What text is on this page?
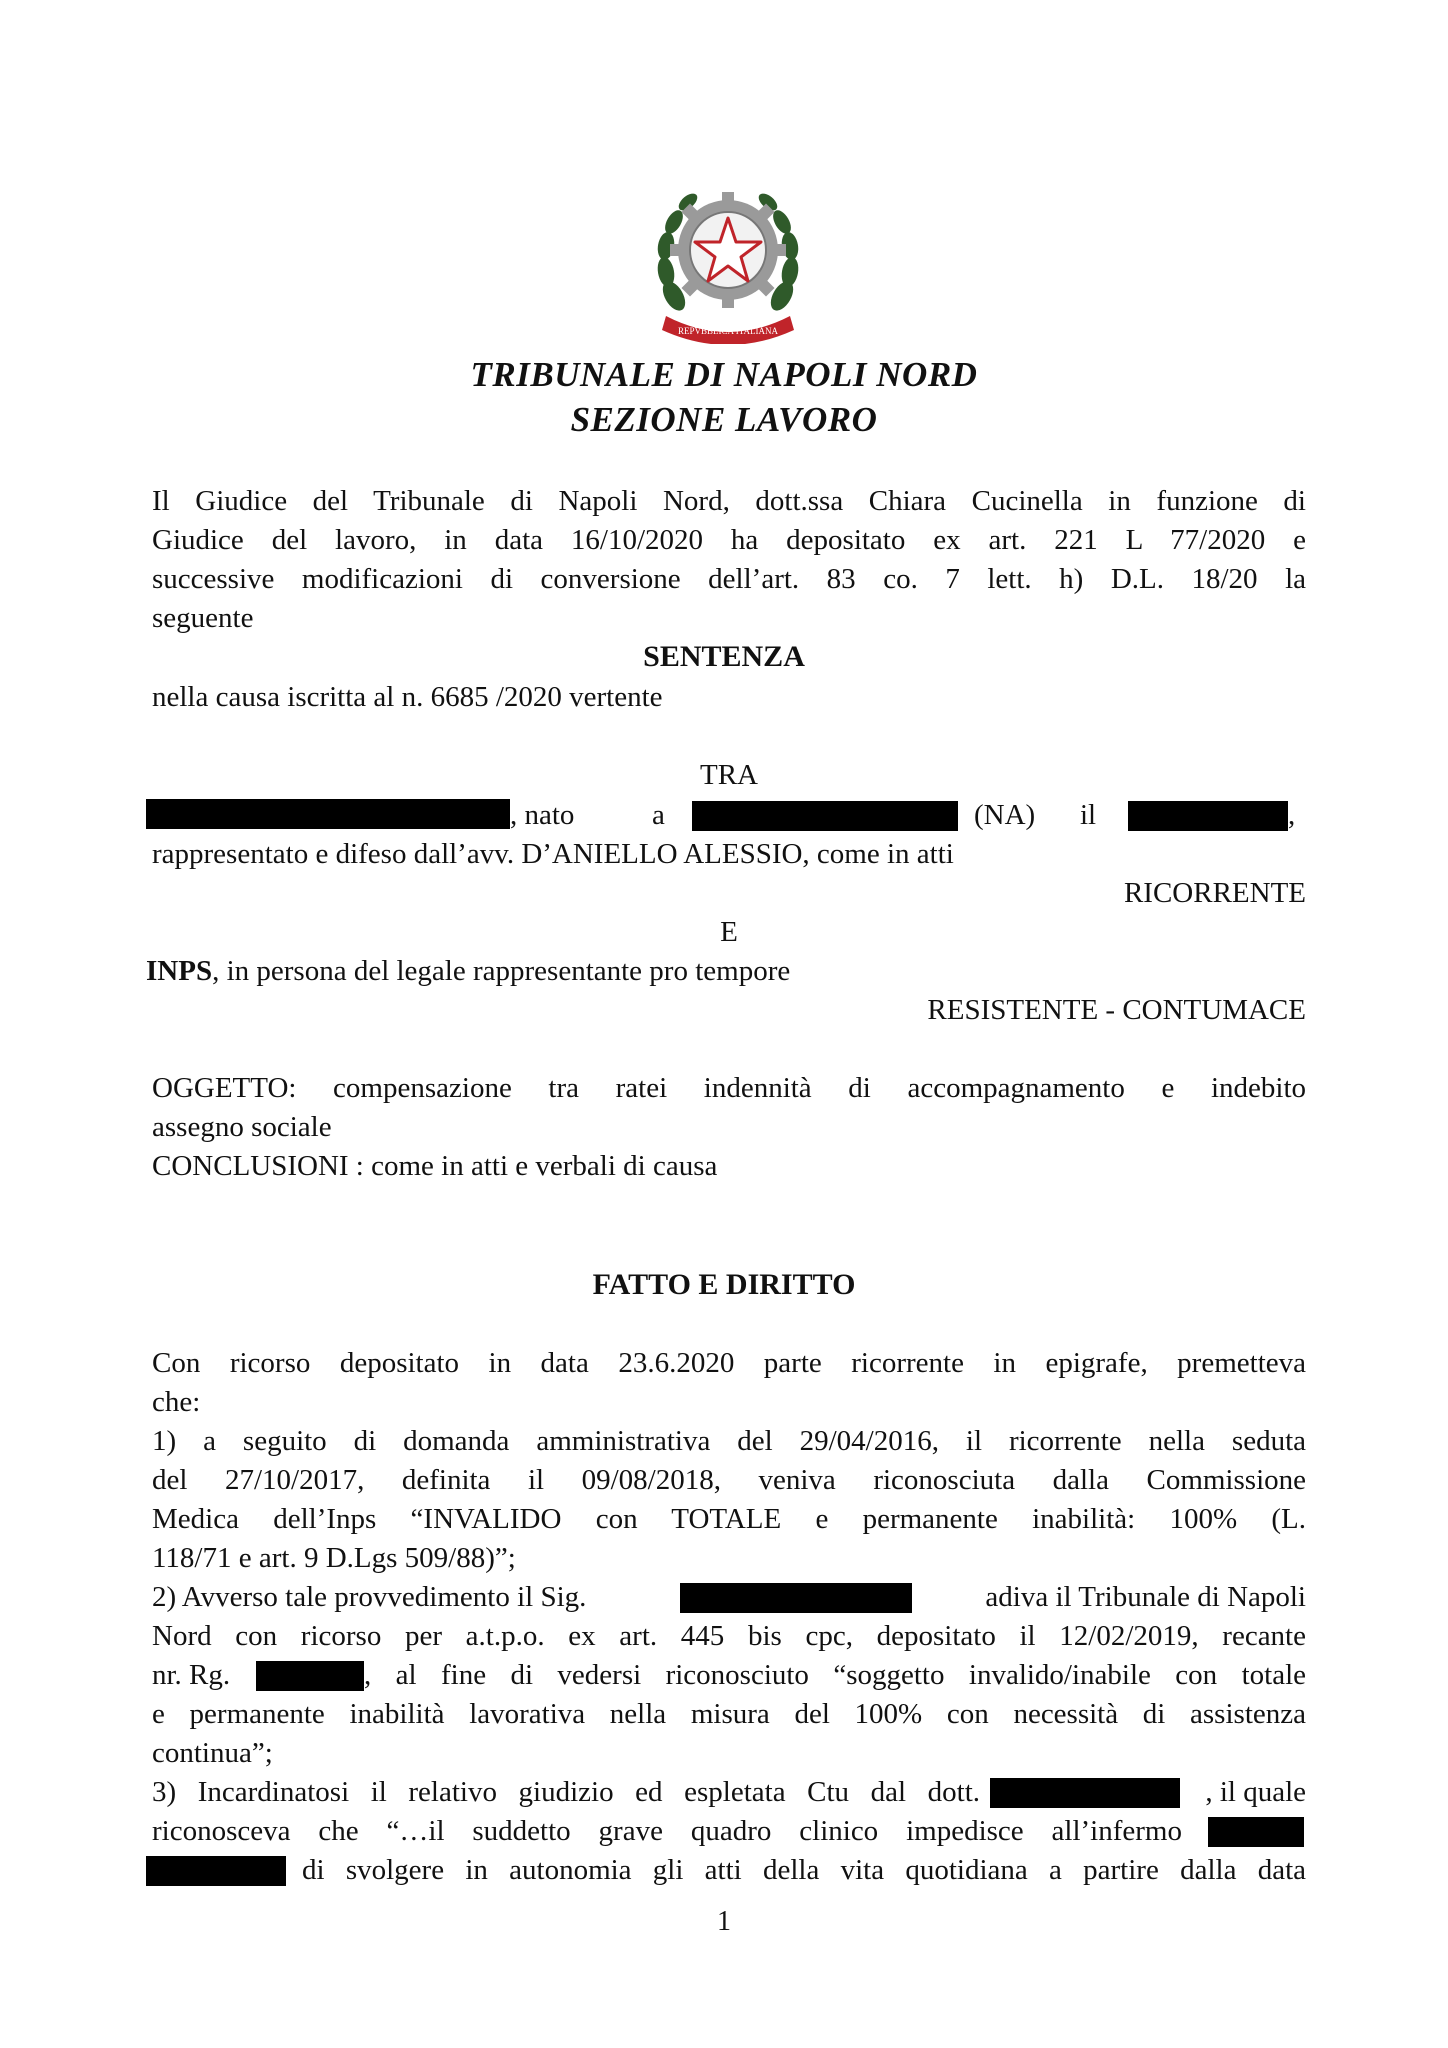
REPVBBLICA ITALIANA
TRIBUNALE DI NAPOLI NORD
SEZIONE LAVORO
Il Giudice del Tribunale di Napoli Nord, dott.ssa Chiara Cucinella in funzione di
Giudice del lavoro, in data 16/10/2020 ha depositato ex art. 221 L 77/2020 e
successive modificazioni di conversione dell’art. 83 co. 7 lett. h) D.L. 18/20 la
seguente
SENTENZA
nella causa iscritta al n. 6685 /2020 vertente
TRA
, nato	a	(NA)	il	,
rappresentato e difeso dall’avv. D’ANIELLO ALESSIO, come in atti
RICORRENTE
E
INPS, in persona del legale rappresentante pro tempore
RESISTENTE - CONTUMACE
OGGETTO: compensazione tra ratei indennità di accompagnamento e indebito
assegno sociale
CONCLUSIONI : come in atti e verbali di causa
FATTO E DIRITTO
Con ricorso depositato in data 23.6.2020 parte ricorrente in epigrafe, premetteva
che:
1) a seguito di domanda amministrativa del 29/04/2016, il ricorrente nella seduta
del 27/10/2017, definita il 09/08/2018, veniva riconosciuta dalla Commissione
Medica dell’Inps “INVALIDO con TOTALE e permanente inabilità: 100% (L.
118/71 e art. 9 D.Lgs 509/88)”;
2) Avverso tale provvedimento il Sig.	adiva il Tribunale di Napoli
Nord con ricorso per a.t.p.o. ex art. 445 bis cpc, depositato il 12/02/2019, recante
nr. Rg.	, al fine di vedersi riconosciuto “soggetto invalido/inabile con totale
e permanente inabilità lavorativa nella misura del 100% con necessità di assistenza
continua”;
3) Incardinatosi il relativo giudizio ed espletata Ctu dal dott.	, il quale
riconosceva che “…il suddetto grave quadro clinico impedisce all’infermo
di svolgere in autonomia gli atti della vita quotidiana a partire dalla data
1
